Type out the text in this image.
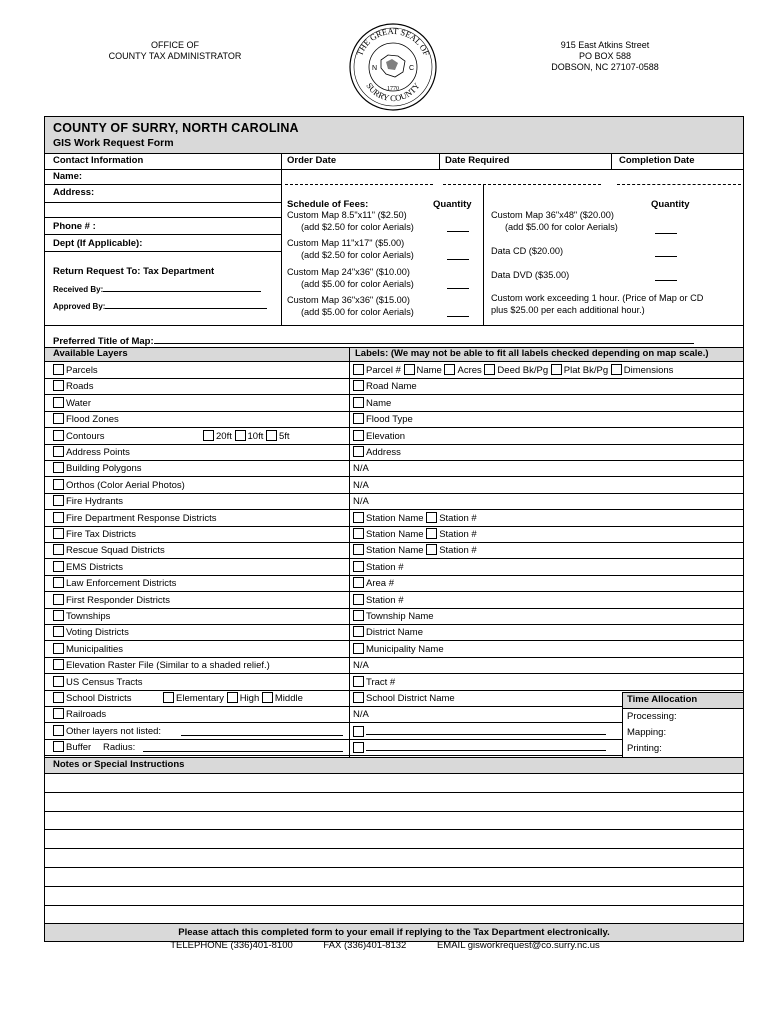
OFFICE OF
COUNTY TAX ADMINISTRATOR	THE GREAT SEAL OF
SURRY COUNTY
N	C
1770
915 East Atkins Street
PO BOX 588
DOBSON, NC 27107-0588
COUNTY OF SURRY, NORTH CAROLINA
GIS Work Request Form
Contact Information	Order Date	Date Required	Completion Date
Name:
Address:
Phone # :
Dept (If Applicable):
Return Request To: Tax Department
Received By:
Approved By:
Schedule of Fees:	Quantity
Custom Map 8.5"x11" ($2.50)
(add $2.50 for color Aerials)
Custom Map 11"x17" ($5.00)
(add $2.50 for color Aerials)
Custom Map 24"x36" ($10.00)
(add $5.00 for color Aerials)
Custom Map 36"x36" ($15.00)
(add $5.00 for color Aerials)
Quantity
Custom Map 36"x48" ($20.00)
(add $5.00 for color Aerials)
Data CD ($20.00)
Data DVD ($35.00)
Custom work exceeding 1 hour. (Price of Map or CD
plus $25.00 per each additional hour.)
Preferred Title of Map:
Available Layers	Labels: (We may not be able to fit all labels checked depending on map scale.)
Parcels	Parcel # Name Acres Deed Bk/Pg Plat Bk/Pg Dimensions
Roads	Road Name
Water	Name
Flood Zones	Flood Type
Contours	20ft 10ft 5ft	Elevation
Address Points	Address
Building Polygons	N/A
Orthos (Color Aerial Photos)	N/A
Fire Hydrants	N/A
Fire Department Response Districts	Station Name Station #
Fire Tax Districts	Station Name Station #
Rescue Squad Districts	Station Name Station #
EMS Districts	Station #
Law Enforcement Districts	Area #
First Responder Districts	Station #
Townships	Township Name
Voting Districts	District Name
Municipalities	Municipality Name
Elevation Raster File (Similar to a shaded relief.)	N/A
US Census Tracts	Tract #
School Districts	Elementary High Middle	School District Name
Railroads	N/A
Other layers not listed:
Buffer Radius:
Time Allocation
Processing:
Mapping:
Printing:
Notes or Special Instructions
Please attach this completed form to your email if replying to the Tax Department electronically.
TELEPHONE (336)401-8100	FAX (336)401-8132	EMAIL gisworkrequest@co.surry.nc.us
